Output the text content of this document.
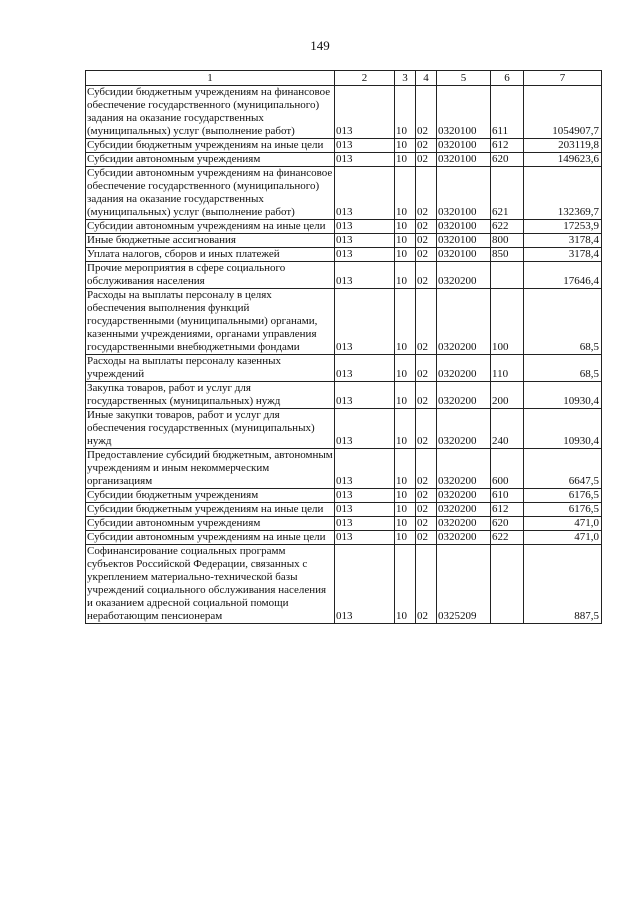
149
1	2	3	4	5	6	7
Субсидии бюджетным учреждениям на финансовое обеспечение государственного (муниципального) задания на оказание государственных (муниципальных) услуг (выполнение работ)	013	10	02	0320100	611	1054907,7
Субсидии бюджетным учреждениям на иные цели	013	10	02	0320100	612	203119,8
Субсидии автономным учреждениям	013	10	02	0320100	620	149623,6
Субсидии автономным учреждениям на финансовое обеспечение государственного (муниципального) задания на оказание государственных (муниципальных) услуг (выполнение работ)	013	10	02	0320100	621	132369,7
Субсидии автономным учреждениям на иные цели	013	10	02	0320100	622	17253,9
Иные бюджетные ассигнования	013	10	02	0320100	800	3178,4
Уплата налогов, сборов и иных платежей	013	10	02	0320100	850	3178,4
Прочие мероприятия в сфере социального обслуживания населения	013	10	02	0320200		17646,4
Расходы на выплаты персоналу в целях обеспечения выполнения функций государственными (муниципальными) органами, казенными учреждениями, органами управления государственными внебюджетными фондами	013	10	02	0320200	100	68,5
Расходы на выплаты персоналу казенных учреждений	013	10	02	0320200	110	68,5
Закупка товаров, работ и услуг для государственных (муниципальных) нужд	013	10	02	0320200	200	10930,4
Иные закупки товаров, работ и услуг для обеспечения государственных (муниципальных) нужд	013	10	02	0320200	240	10930,4
Предоставление субсидий бюджетным, автономным учреждениям и иным некоммерческим организациям	013	10	02	0320200	600	6647,5
Субсидии бюджетным учреждениям	013	10	02	0320200	610	6176,5
Субсидии бюджетным учреждениям на иные цели	013	10	02	0320200	612	6176,5
Субсидии автономным учреждениям	013	10	02	0320200	620	471,0
Субсидии автономным учреждениям на иные цели	013	10	02	0320200	622	471,0
Софинансирование социальных программ субъектов Российской Федерации, связанных с укреплением материально-технической базы учреждений социального обслуживания населения и оказанием адресной социальной помощи неработающим пенсионерам	013	10	02	0325209		887,5
